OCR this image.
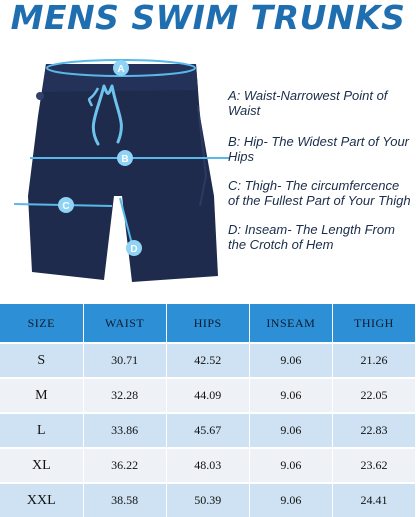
MENS SWIM TRUNKS
A
B
C
D
A: Waist-Narrowest Point of Waist
B: Hip- The Widest Part of Your Hips
C: Thigh- The circumfercence of the Fullest Part of Your Thigh
D: Inseam- The Length From the Crotch of Hem
SIZE	WAIST	HIPS	INSEAM	THIGH
S	30.71	42.52	9.06	21.26
M	32.28	44.09	9.06	22.05
L	33.86	45.67	9.06	22.83
XL	36.22	48.03	9.06	23.62
XXL	38.58	50.39	9.06	24.41
